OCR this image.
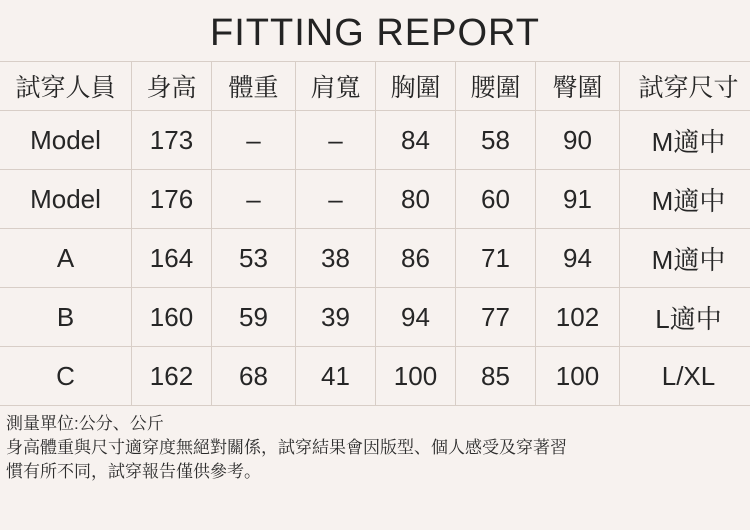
FITTING REPORT
試穿人員	身高	體重	肩寬	胸圍	腰圍	臀圍	試穿尺寸
Model	173	–	–	84	58	90	M適中
Model	176	–	–	80	60	91	M適中
A	164	53	38	86	71	94	M適中
B	160	59	39	94	77	102	L適中
C	162	68	41	100	85	100	L/XL
測量單位:公分、公斤
身高體重與尺寸適穿度無絕對關係，試穿結果會因版型、個人感受及穿著習
慣有所不同，試穿報告僅供參考。
